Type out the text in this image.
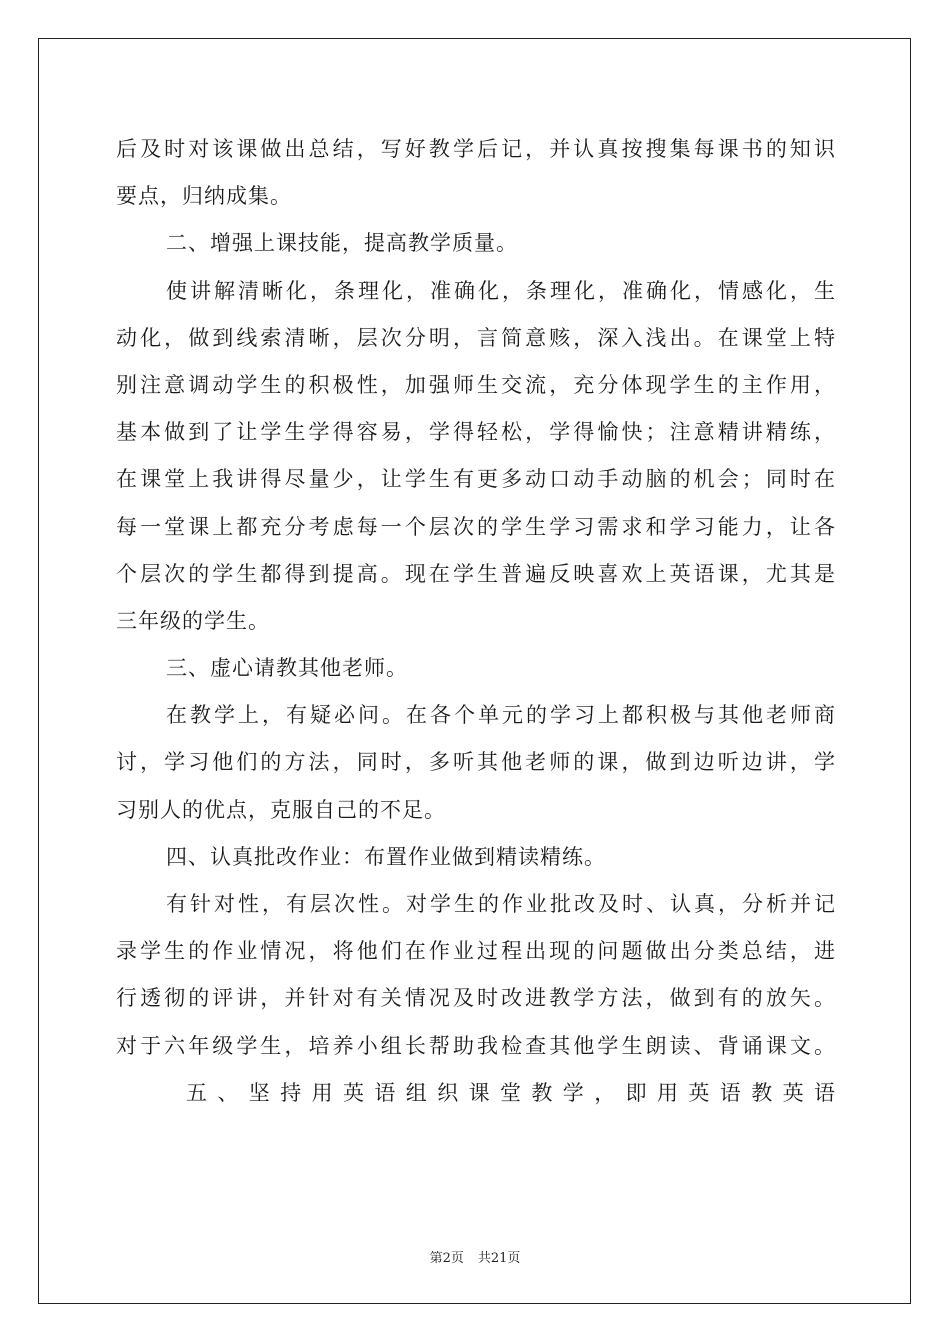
后及时对该课做出总结，写好教学后记，并认真按搜集每课书的知识
要点，归纳成集。
二、增强上课技能，提高教学质量。
使讲解清晰化，条理化，准确化，条理化，准确化，情感化，生
动化，做到线索清晰，层次分明，言简意赅，深入浅出。在课堂上特
别注意调动学生的积极性，加强师生交流，充分体现学生的主作用，
基本做到了让学生学得容易，学得轻松，学得愉快；注意精讲精练，
在课堂上我讲得尽量少，让学生有更多动口动手动脑的机会；同时在
每一堂课上都充分考虑每一个层次的学生学习需求和学习能力，让各
个层次的学生都得到提高。现在学生普遍反映喜欢上英语课，尤其是
三年级的学生。
三、虚心请教其他老师。
在教学上，有疑必问。在各个单元的学习上都积极与其他老师商
讨，学习他们的方法，同时，多听其他老师的课，做到边听边讲，学
习别人的优点，克服自己的不足。
四、认真批改作业：布置作业做到精读精练。
有针对性，有层次性。对学生的作业批改及时、认真，分析并记
录学生的作业情况，将他们在作业过程出现的问题做出分类总结，进
行透彻的评讲，并针对有关情况及时改进教学方法，做到有的放矢。
对于六年级学生，培养小组长帮助我检查其他学生朗读、背诵课文。
五、坚持用英语组织课堂教学，即用英语教英语
第2页 共21页
